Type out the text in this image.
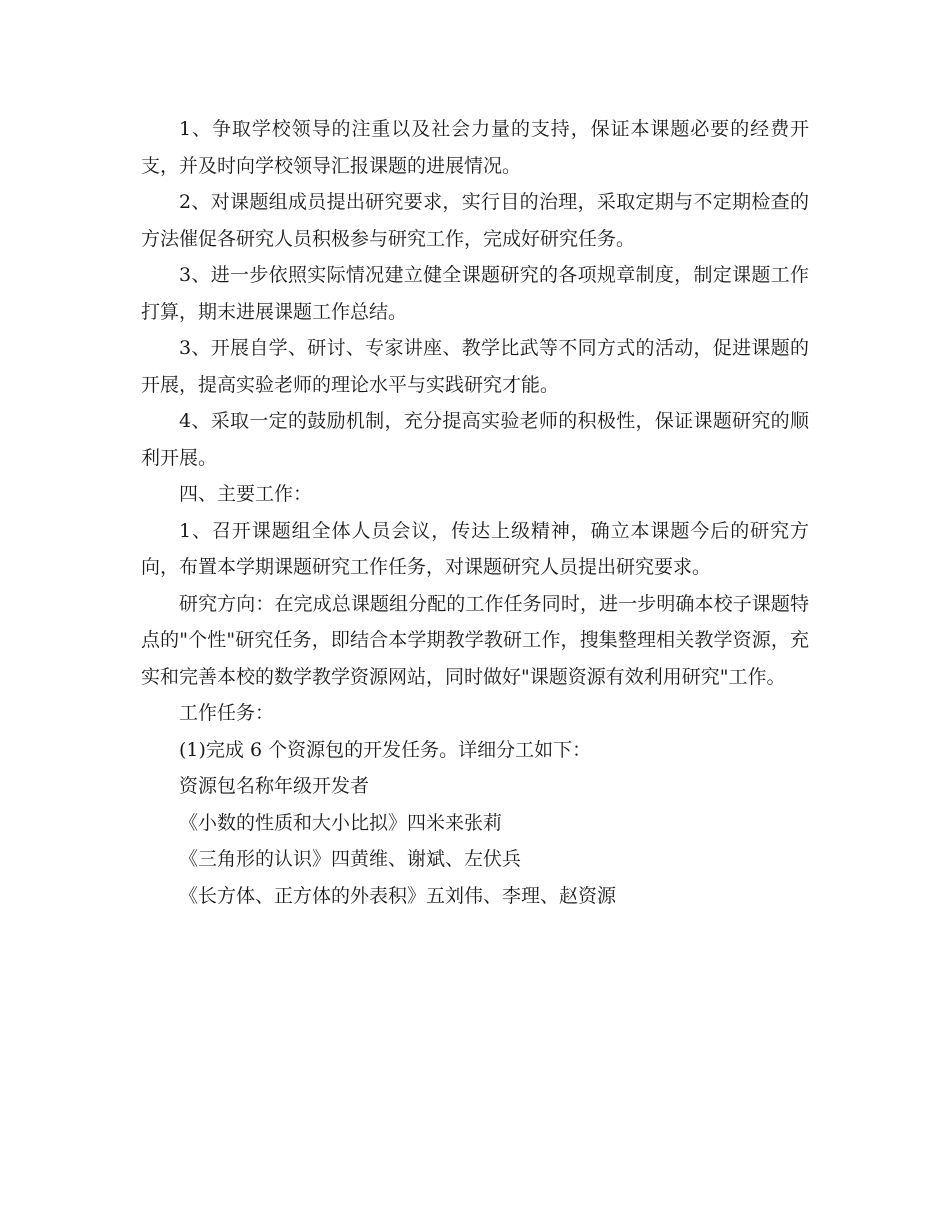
1、争取学校领导的注重以及社会力量的支持，保证本课题必要的经费开支，并及时向学校领导汇报课题的进展情况。

2、对课题组成员提出研究要求，实行目的治理，采取定期与不定期检查的方法催促各研究人员积极参与研究工作，完成好研究任务。

3、进一步依照实际情况建立健全课题研究的各项规章制度，制定课题工作打算，期末进展课题工作总结。

3、开展自学、研讨、专家讲座、教学比武等不同方式的活动，促进课题的开展，提高实验老师的理论水平与实践研究才能。

4、采取一定的鼓励机制，充分提高实验老师的积极性，保证课题研究的顺利开展。

四、主要工作：

1、召开课题组全体人员会议，传达上级精神，确立本课题今后的研究方向，布置本学期课题研究工作任务，对课题研究人员提出研究要求。

研究方向：在完成总课题组分配的工作任务同时，进一步明确本校子课题特点的"个性"研究任务，即结合本学期教学教研工作，搜集整理相关教学资源，充实和完善本校的数学教学资源网站，同时做好"课题资源有效利用研究"工作。

工作任务：

(1)完成 6 个资源包的开发任务。详细分工如下：

资源包名称年级开发者

《小数的性质和大小比拟》四米来张莉

《三角形的认识》四黄维、谢斌、左伏兵

《长方体、正方体的外表积》五刘伟、李理、赵资源
